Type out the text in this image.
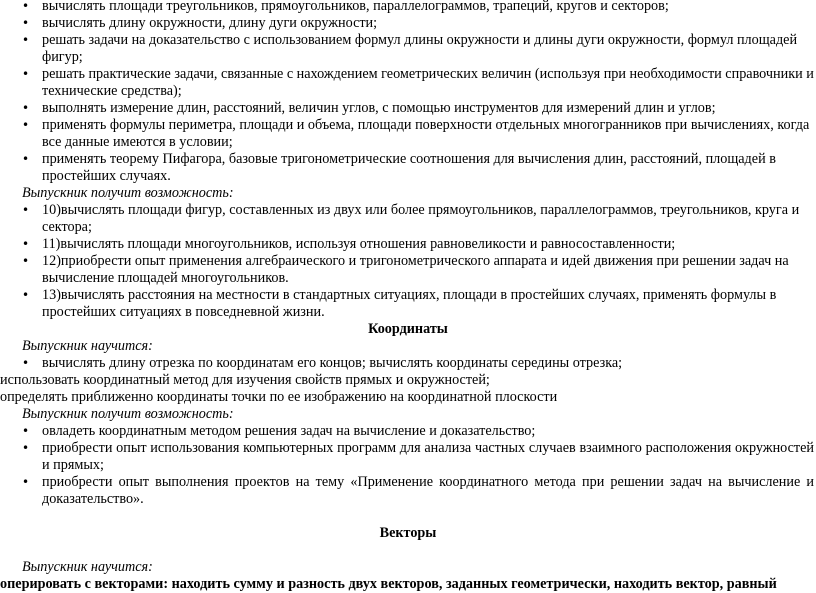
• вычислять площади треугольников, прямоугольников, параллелограммов, трапеций, кругов и секторов;
• вычислять длину окружности, длину дуги окружности;
• решать задачи на доказательство с использованием формул длины окружности и длины дуги окружности, формул площадей фигур;
• решать практические задачи, связанные с нахождением геометрических величин (используя при необходимости справочники и технические средства);
• выполнять измерение длин, расстояний, величин углов, с помощью инструментов для измерений длин и углов;
• применять формулы периметра, площади и объема, площади поверхности отдельных многогранников при вычислениях, когда все данные имеются в условии;
• применять теорему Пифагора, базовые тригонометрические соотношения для вычисления длин, расстояний, площадей в простейших случаях.
Выпускник получит возможность:
• 10)вычислять площади фигур, составленных из двух или более прямоугольников, параллелограммов, треугольников, круга и сектора;
• 11)вычислять площади многоугольников, используя отношения равновеликости и равносоставленности;
• 12)приобрести опыт применения алгебраического и тригонометрического аппарата и идей движения при решении задач на вычисление площадей многоугольников.
• 13)вычислять расстояния на местности в стандартных ситуациях, площади в простейших случаях, применять формулы в простейших ситуациях в повседневной жизни.
Координаты
Выпускник научится:
• вычислять длину отрезка по координатам его концов; вычислять координаты середины отрезка;
использовать координатный метод для изучения свойств прямых и окружностей;
определять приближенно координаты точки по ее изображению на координатной плоскости
Выпускник получит возможность:
• овладеть координатным методом решения задач на вычисление и доказательство;
• приобрести опыт использования компьютерных программ для анализа частных случаев взаимного расположения окружностей и прямых;
• приобрести опыт выполнения проектов на тему «Применение координатного метода при решении задач на вычисление и доказательство».
Векторы
Выпускник научится:
оперировать с векторами: находить сумму и разность двух векторов, заданных геометрически, находить вектор, равный
